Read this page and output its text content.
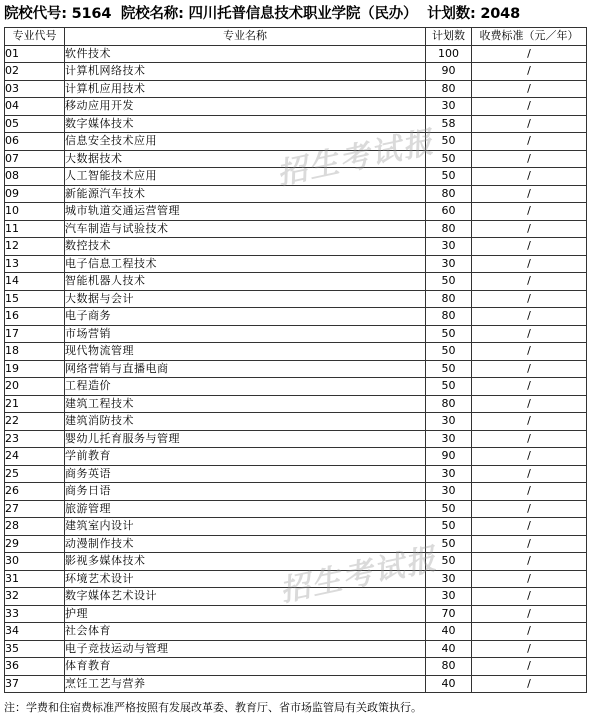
院校代号: 5164 院校名称: 四川托普信息技术职业学院（民办） 计划数: 2048
专业代号	专业名称	计划数	收费标准（元／年）
01	软件技术	100	/
02	计算机网络技术	90	/
03	计算机应用技术	80	/
04	移动应用开发	30	/
05	数字媒体技术	58	/
06	信息安全技术应用	50	/
07	大数据技术	50	/
08	人工智能技术应用	50	/
09	新能源汽车技术	80	/
10	城市轨道交通运营管理	60	/
11	汽车制造与试验技术	80	/
12	数控技术	30	/
13	电子信息工程技术	30	/
14	智能机器人技术	50	/
15	大数据与会计	80	/
16	电子商务	80	/
17	市场营销	50	/
18	现代物流管理	50	/
19	网络营销与直播电商	50	/
20	工程造价	50	/
21	建筑工程技术	80	/
22	建筑消防技术	30	/
23	婴幼儿托育服务与管理	30	/
24	学前教育	90	/
25	商务英语	30	/
26	商务日语	30	/
27	旅游管理	50	/
28	建筑室内设计	50	/
29	动漫制作技术	50	/
30	影视多媒体技术	50	/
31	环境艺术设计	30	/
32	数字媒体艺术设计	30	/
33	护理	70	/
34	社会体育	40	/
35	电子竞技运动与管理	40	/
36	体育教育	80	/
37	烹饪工艺与营养	40	/
招生考试报
招生考试报
注：学费和住宿费标准严格按照有发展改革委、教育厅、省市场监管局有关政策执行。
